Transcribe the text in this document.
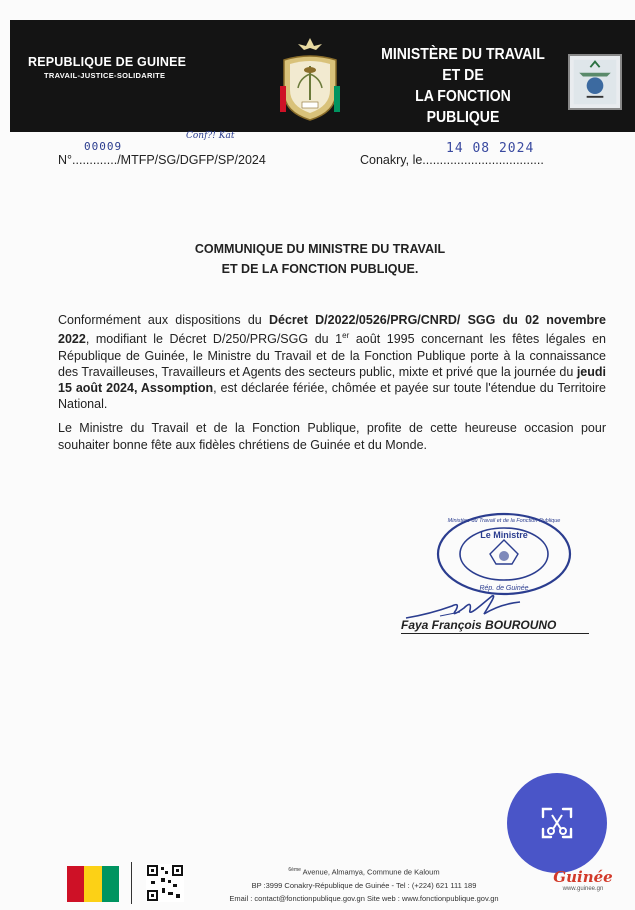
REPUBLIQUE DE GUINEE
TRAVAIL-JUSTICE-SOLIDARITE
MINISTÈRE DU TRAVAIL ET DE
LA FONCTION PUBLIQUE
00009
Conf?! Kat
N°............./MTFP/SG/DGFP/SP/2024
14 08 2024
Conakry, le...................................
COMMUNIQUE DU MINISTRE DU TRAVAIL
ET DE LA FONCTION PUBLIQUE.

Conformément aux dispositions du Décret D/2022/0526/PRG/CNRD/ SGG du 02 novembre 2022, modifiant le Décret D/250/PRG/SGG du 1er août 1995 concernant les fêtes légales en République de Guinée, le Ministre du Travail et de la Fonction Publique porte à la connaissance des Travailleuses, Travailleurs et Agents des secteurs public, mixte et privé que la journée du jeudi 15 août 2024, Assomption, est déclarée fériée, chômée et payée sur toute l'étendue du Territoire National.

Le Ministre du Travail et de la Fonction Publique, profite de cette heureuse occasion pour souhaiter bonne fête aux fidèles chrétiens de Guinée et du Monde.

Le Ministre
Rép. de Guinée
Ministère du Travail et de la Fonction Publique
Faya François BOUROUNO
$^{6ème}$ Avenue, Almamya, Commune de Kaloum
BP :3999 Conakry-République de Guinée - Tel : (+224) 621 111 189
Email : contact@fonctionpublique.gov.gn Site web : www.fonctionpublique.gov.gn
Guinée
www.guinee.gn
